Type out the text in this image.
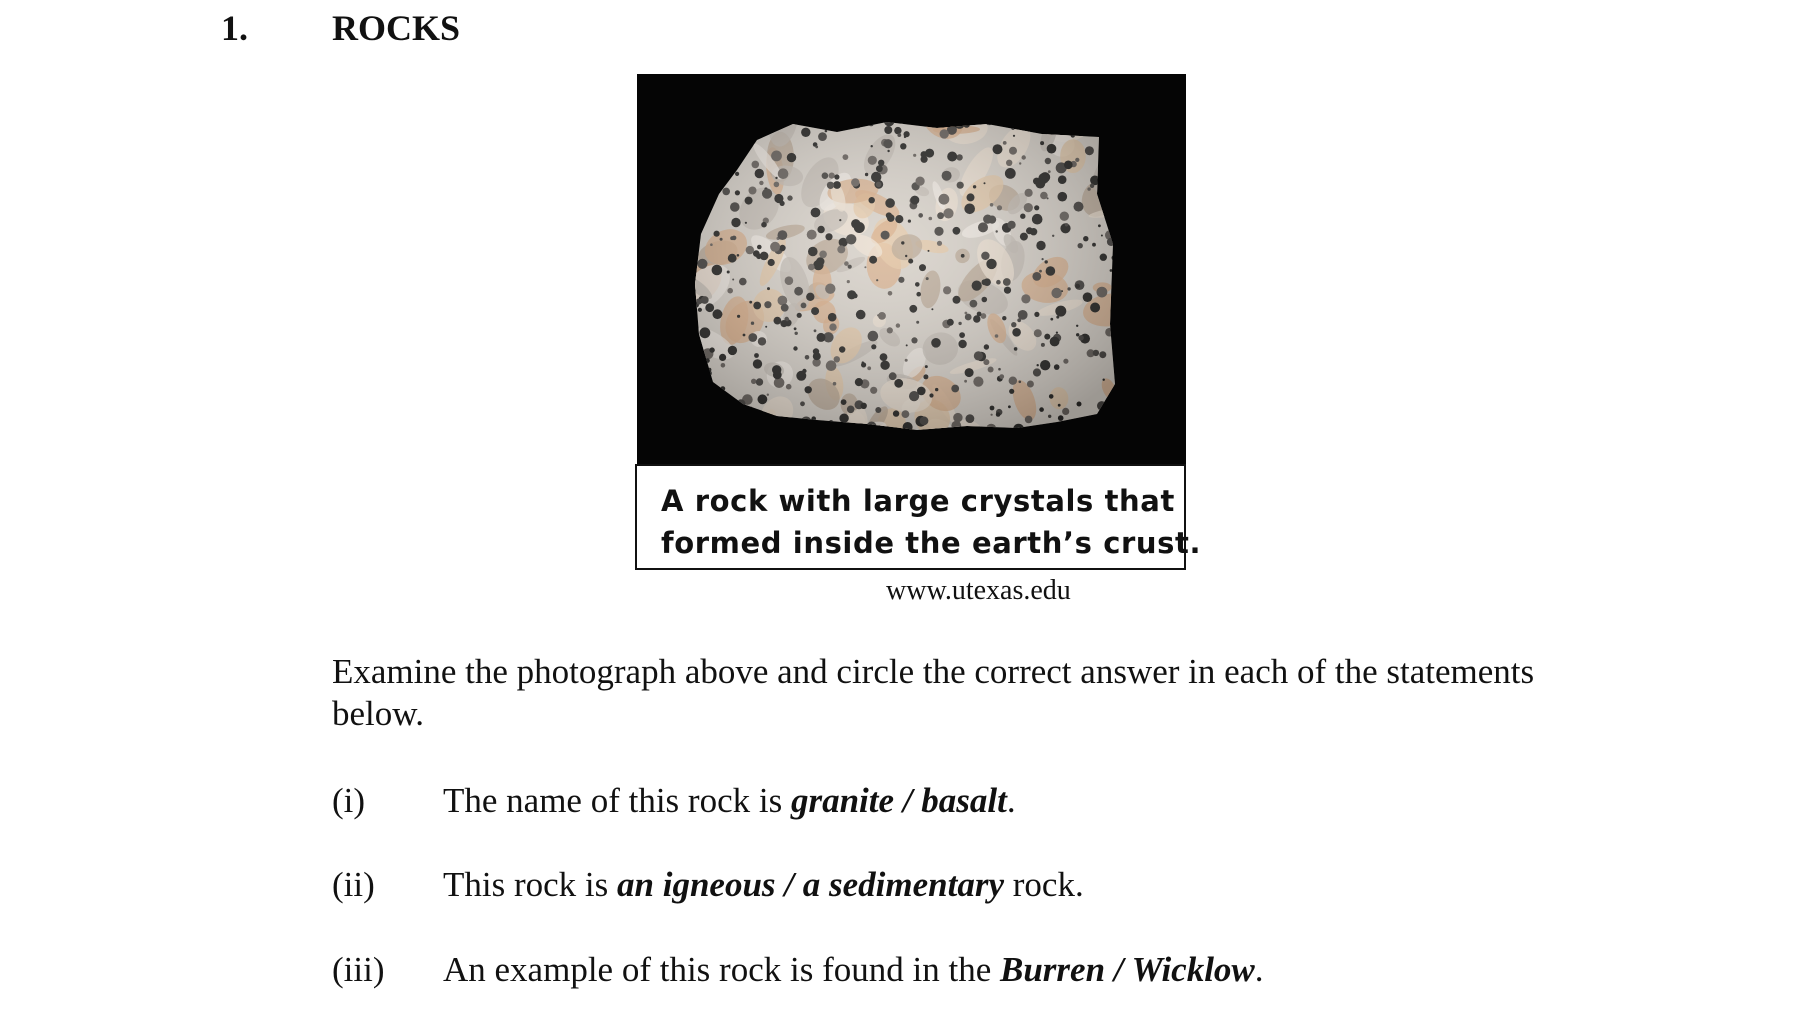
1. ROCKS
A rock with large crystals that
formed inside the earth’s crust.
www.utexas.edu
Examine the photograph above and circle the correct answer in each of the statements below.
(i) The name of this rock is granite / basalt.
(ii) This rock is an igneous / a sedimentary rock.
(iii) An example of this rock is found in the Burren / Wicklow.
